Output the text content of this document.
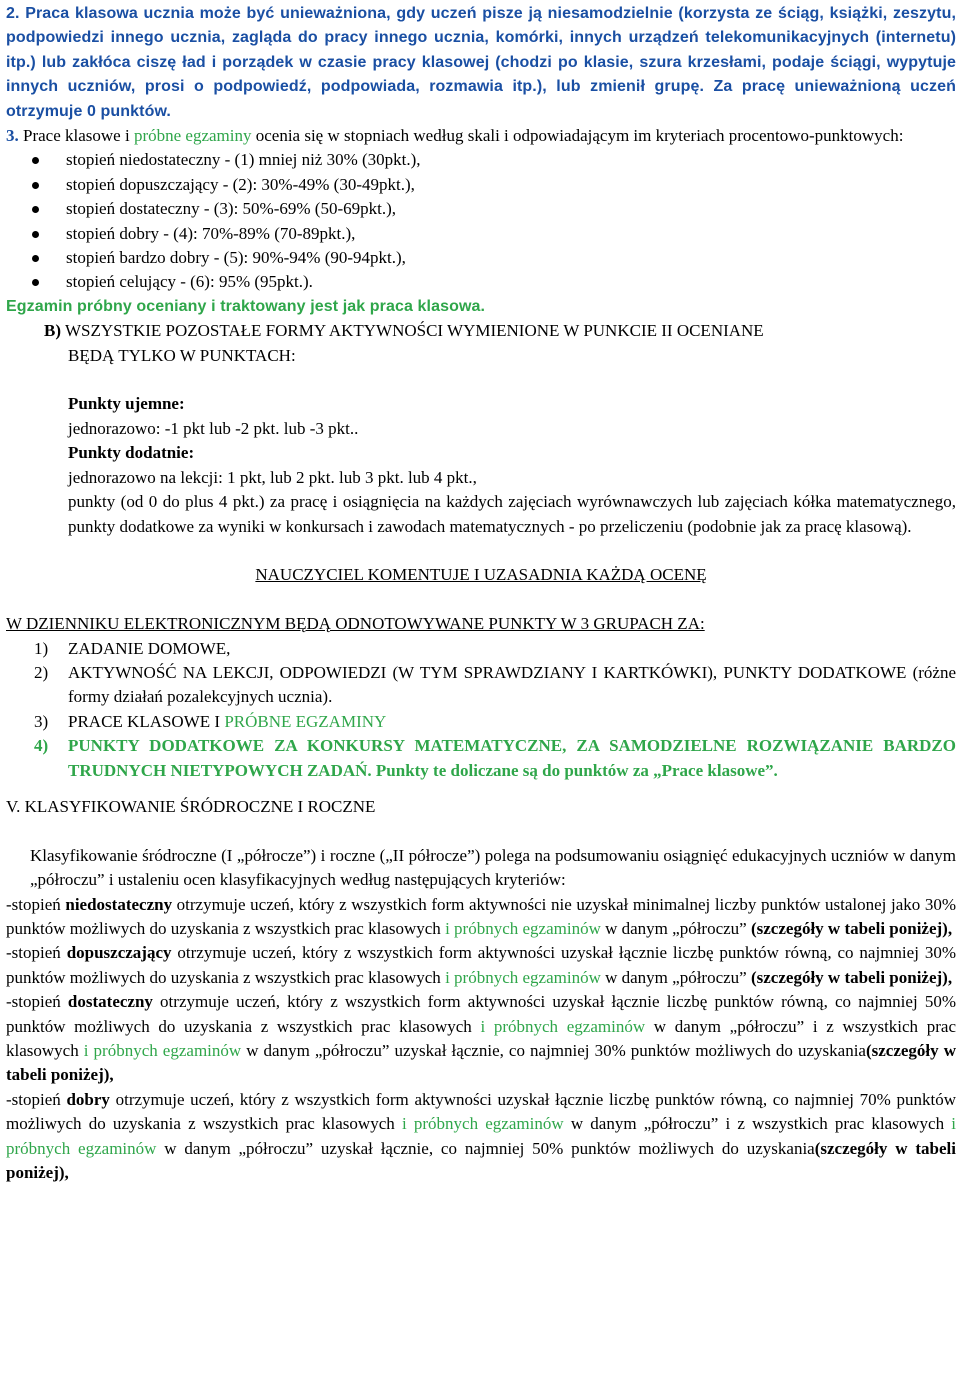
2. Praca klasowa ucznia może być unieważniona, gdy uczeń pisze ją niesamodzielnie (korzysta ze ściąg, książki, zeszytu, podpowiedzi innego ucznia, zagląda do pracy innego ucznia, komórki, innych urządzeń telekomunikacyjnych (internetu) itp.) lub zakłóca ciszę ład i porządek w czasie pracy klasowej (chodzi po klasie, szura krzesłami, podaje ściągi, wypytuje innych uczniów, prosi o podpowiedź, podpowiada, rozmawia itp.), lub zmienił grupę. Za pracę unieważnioną uczeń otrzymuje 0 punktów.

3. Prace klasowe i próbne egzaminy ocenia się w stopniach według skali i odpowiadającym im kryteriach procentowo-punktowych:

stopień niedostateczny - (1) mniej niż 30% (30pkt.),
stopień dopuszczający - (2): 30%-49% (30-49pkt.),
stopień dostateczny - (3): 50%-69% (50-69pkt.),
stopień dobry - (4): 70%-89% (70-89pkt.),
stopień bardzo dobry - (5): 90%-94% (90-94pkt.),
stopień celujący - (6): 95% (95pkt.).

Egzamin próbny oceniany i traktowany jest jak praca klasowa.

B) WSZYSTKIE POZOSTAŁE FORMY AKTYWNOŚCI WYMIENIONE W PUNKCIE II OCENIANE

BĘDĄ TYLKO W PUNKTACH:

Punkty ujemne:

jednorazowo: -1 pkt lub -2 pkt. lub -3 pkt..

Punkty dodatnie:

jednorazowo na lekcji: 1 pkt, lub 2 pkt. lub 3 pkt. lub 4 pkt.,

punkty (od 0 do plus 4 pkt.) za pracę i osiągnięcia na każdych zajęciach wyrównawczych lub zajęciach kółka matematycznego, punkty dodatkowe za wyniki w konkursach i zawodach matematycznych - po przeliczeniu (podobnie jak za pracę klasową).

NAUCZYCIEL KOMENTUJE I UZASADNIA KAŻDĄ OCENĘ

W DZIENNIKU ELEKTRONICZNYM BĘDĄ ODNOTOWYWANE PUNKTY W 3 GRUPACH ZA:

1) ZADANIE DOMOWE,
2) AKTYWNOŚĆ NA LEKCJI, ODPOWIEDZI (W TYM SPRAWDZIANY I KARTKÓWKI), PUNKTY DODATKOWE (różne formy działań pozalekcyjnych ucznia).
3) PRACE KLASOWE I PRÓBNE EGZAMINY
4) PUNKTY DODATKOWE ZA KONKURSY MATEMATYCZNE, ZA SAMODZIELNE ROZWIĄZANIE BARDZO TRUDNYCH NIETYPOWYCH ZADAŃ. Punkty te doliczane są do punktów za „Prace klasowe”.

V. KLASYFIKOWANIE ŚRÓDROCZNE I ROCZNE

Klasyfikowanie śródroczne (I „półrocze”) i roczne („II półrocze”) polega na podsumowaniu osiągnięć edukacyjnych uczniów w danym „półroczu” i ustaleniu ocen klasyfikacyjnych według następujących kryteriów:

-stopień niedostateczny otrzymuje uczeń, który z wszystkich form aktywności nie uzyskał minimalnej liczby punktów ustalonej jako 30% punktów możliwych do uzyskania z wszystkich prac klasowych i próbnych egzaminów w danym „półroczu” (szczegóły w tabeli poniżej),

-stopień dopuszczający otrzymuje uczeń, który z wszystkich form aktywności uzyskał łącznie liczbę punktów równą, co najmniej 30% punktów możliwych do uzyskania z wszystkich prac klasowych i próbnych egzaminów w danym „półroczu” (szczegóły w tabeli poniżej),

-stopień dostateczny otrzymuje uczeń, który z wszystkich form aktywności uzyskał łącznie liczbę punktów równą, co najmniej 50% punktów możliwych do uzyskania z wszystkich prac klasowych i próbnych egzaminów w danym „półroczu” i z wszystkich prac klasowych i próbnych egzaminów w danym „półroczu” uzyskał łącznie, co najmniej 30% punktów możliwych do uzyskania(szczegóły w tabeli poniżej),

-stopień dobry otrzymuje uczeń, który z wszystkich form aktywności uzyskał łącznie liczbę punktów równą, co najmniej 70% punktów możliwych do uzyskania z wszystkich prac klasowych i próbnych egzaminów w danym „półroczu” i z wszystkich prac klasowych i próbnych egzaminów w danym „półroczu” uzyskał łącznie, co najmniej 50% punktów możliwych do uzyskania(szczegóły w tabeli poniżej),
